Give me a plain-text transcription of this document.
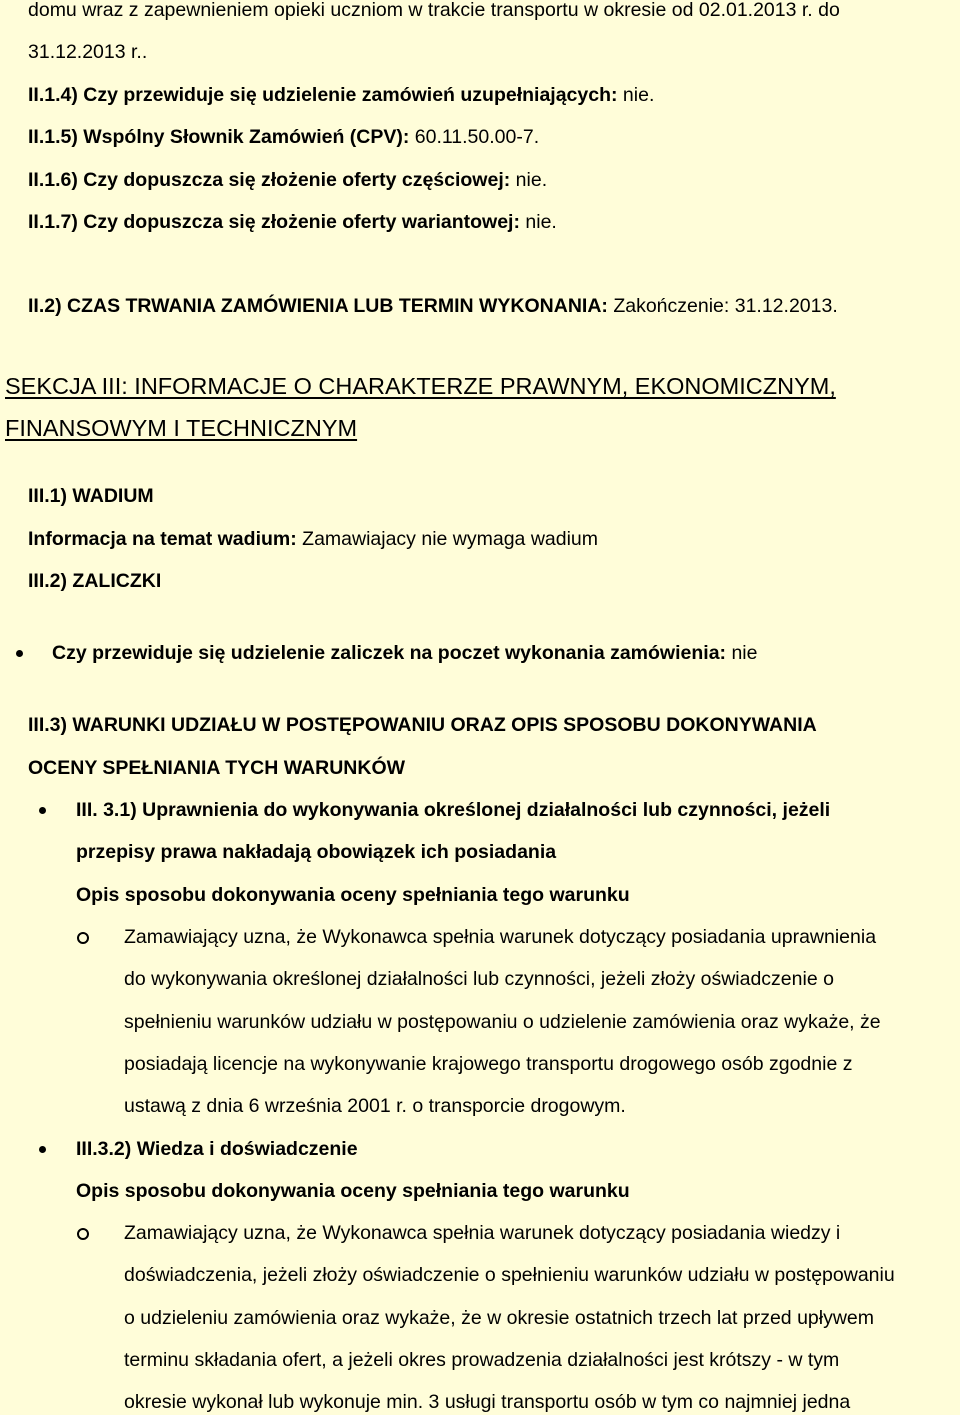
domu wraz z zapewnieniem opieki uczniom w trakcie transportu w okresie od 02.01.2013 r. do

31.12.2013 r..

II.1.4) Czy przewiduje się udzielenie zamówień uzupełniających: nie.

II.1.5) Wspólny Słownik Zamówień (CPV): 60.11.50.00-7.

II.1.6) Czy dopuszcza się złożenie oferty częściowej: nie.

II.1.7) Czy dopuszcza się złożenie oferty wariantowej: nie.

II.2) CZAS TRWANIA ZAMÓWIENIA LUB TERMIN WYKONANIA: Zakończenie: 31.12.2013.

SEKCJA III: INFORMACJE O CHARAKTERZE PRAWNYM, EKONOMICZNYM,

FINANSOWYM I TECHNICZNYM

III.1) WADIUM

Informacja na temat wadium: Zamawiajacy nie wymaga wadium

III.2) ZALICZKI

Czy przewiduje się udzielenie zaliczek na poczet wykonania zamówienia: nie

III.3) WARUNKI UDZIAŁU W POSTĘPOWANIU ORAZ OPIS SPOSOBU DOKONYWANIA

OCENY SPEŁNIANIA TYCH WARUNKÓW

III. 3.1) Uprawnienia do wykonywania określonej działalności lub czynności, jeżeli

przepisy prawa nakładają obowiązek ich posiadania

Opis sposobu dokonywania oceny spełniania tego warunku

Zamawiający uzna, że Wykonawca spełnia warunek dotyczący posiadania uprawnienia

do wykonywania określonej działalności lub czynności, jeżeli złoży oświadczenie o

spełnieniu warunków udziału w postępowaniu o udzielenie zamówienia oraz wykaże, że

posiadają licencje na wykonywanie krajowego transportu drogowego osób zgodnie z

ustawą z dnia 6 września 2001 r. o transporcie drogowym.

III.3.2) Wiedza i doświadczenie

Opis sposobu dokonywania oceny spełniania tego warunku

Zamawiający uzna, że Wykonawca spełnia warunek dotyczący posiadania wiedzy i

doświadczenia, jeżeli złoży oświadczenie o spełnieniu warunków udziału w postępowaniu

o udzieleniu zamówienia oraz wykaże, że w okresie ostatnich trzech lat przed upływem

terminu składania ofert, a jeżeli okres prowadzenia działalności jest krótszy - w tym

okresie wykonał lub wykonuje min. 3 usługi transportu osób w tym co najmniej jedna
